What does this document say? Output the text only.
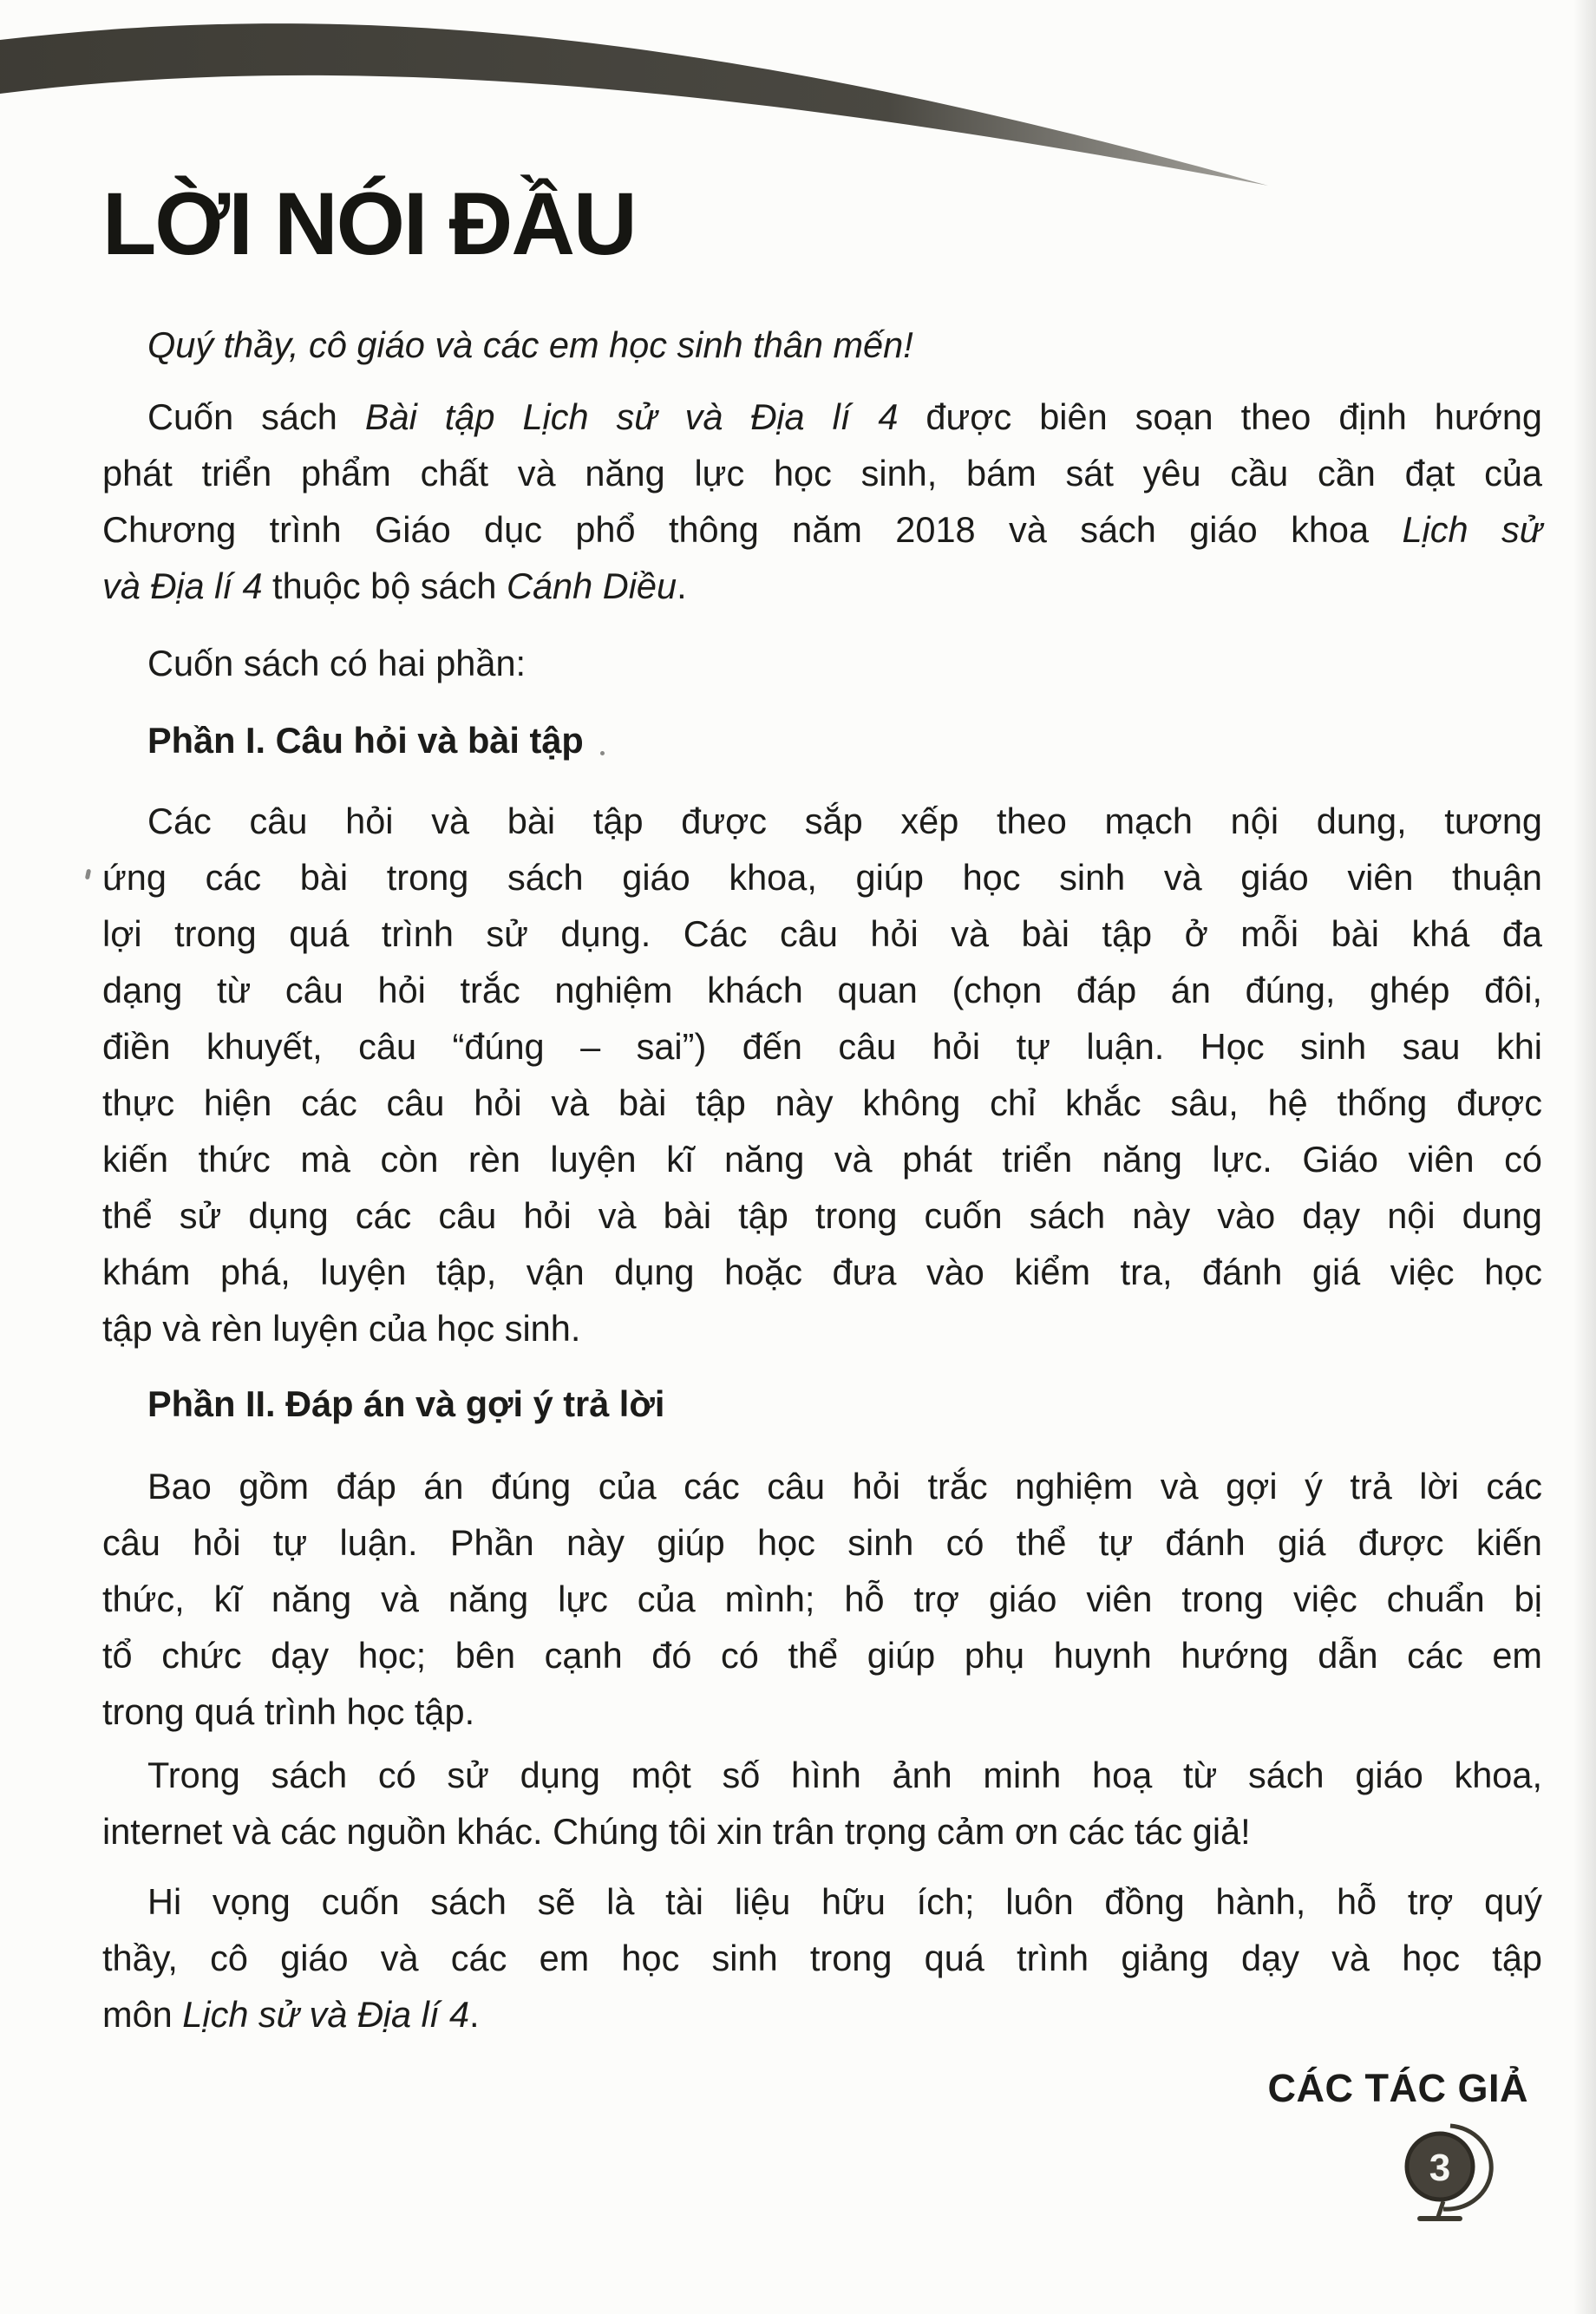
LỜI NÓI ĐẦU
Quý thầy, cô giáo và các em học sinh thân mến!
Cuốn sách Bài tập Lịch sử và Địa lí 4 được biên soạn theo định hướng
phát triển phẩm chất và năng lực học sinh, bám sát yêu cầu cần đạt của
Chương trình Giáo dục phổ thông năm 2018 và sách giáo khoa Lịch sử
và Địa lí 4 thuộc bộ sách Cánh Diều.
Cuốn sách có hai phần:
Phần I. Câu hỏi và bài tập
Các câu hỏi và bài tập được sắp xếp theo mạch nội dung, tương
ứng các bài trong sách giáo khoa, giúp học sinh và giáo viên thuận
lợi trong quá trình sử dụng. Các câu hỏi và bài tập ở mỗi bài khá đa
dạng từ câu hỏi trắc nghiệm khách quan (chọn đáp án đúng, ghép đôi,
điền khuyết, câu “đúng – sai”) đến câu hỏi tự luận. Học sinh sau khi
thực hiện các câu hỏi và bài tập này không chỉ khắc sâu, hệ thống được
kiến thức mà còn rèn luyện kĩ năng và phát triển năng lực. Giáo viên có
thể sử dụng các câu hỏi và bài tập trong cuốn sách này vào dạy nội dung
khám phá, luyện tập, vận dụng hoặc đưa vào kiểm tra, đánh giá việc học
tập và rèn luyện của học sinh.
Phần II. Đáp án và gợi ý trả lời
Bao gồm đáp án đúng của các câu hỏi trắc nghiệm và gợi ý trả lời các
câu hỏi tự luận. Phần này giúp học sinh có thể tự đánh giá được kiến
thức, kĩ năng và năng lực của mình; hỗ trợ giáo viên trong việc chuẩn bị
tổ chức dạy học; bên cạnh đó có thể giúp phụ huynh hướng dẫn các em
trong quá trình học tập.
Trong sách có sử dụng một số hình ảnh minh hoạ từ sách giáo khoa,
internet và các nguồn khác. Chúng tôi xin trân trọng cảm ơn các tác giả!
Hi vọng cuốn sách sẽ là tài liệu hữu ích; luôn đồng hành, hỗ trợ quý
thầy, cô giáo và các em học sinh trong quá trình giảng dạy và học tập
môn Lịch sử và Địa lí 4.
CÁC TÁC GIẢ
3
